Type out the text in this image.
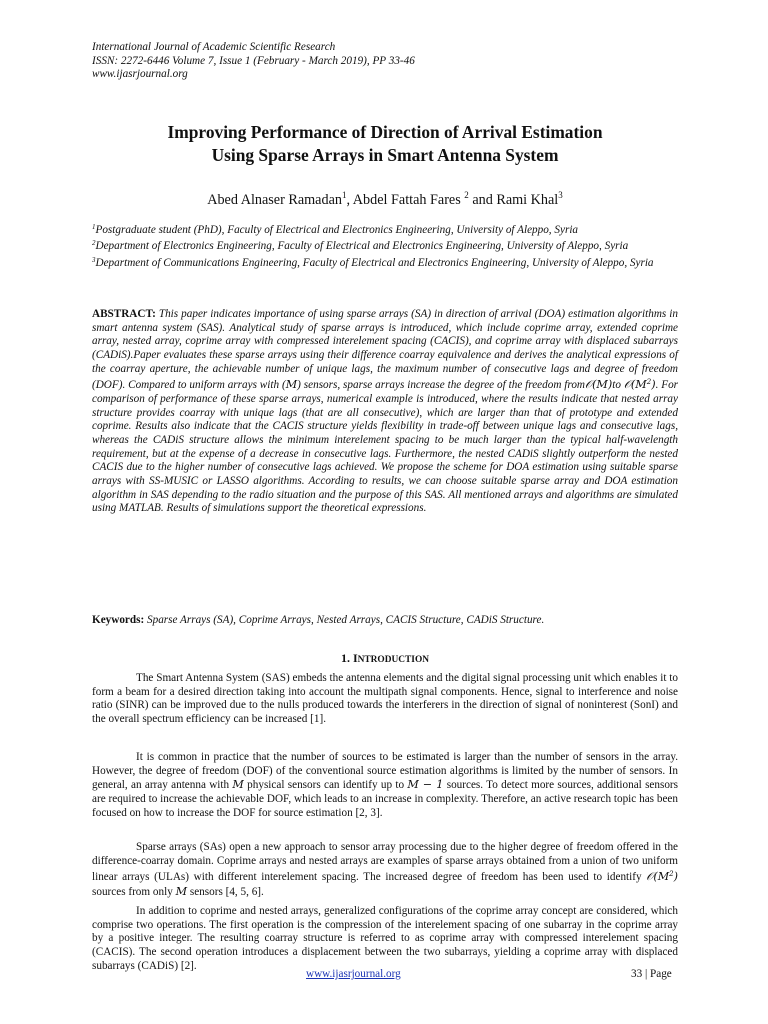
International Journal of Academic Scientific Research

ISSN: 2272-6446 Volume 7, Issue 1 (February - March 2019), PP 33-46

www.ijasrjournal.org

Improving Performance of Direction of Arrival Estimation
Using Sparse Arrays in Smart Antenna System
Abed Alnaser Ramadan$^1$, Abdel Fattah Fares $^2$ and Rami Khal$^3$

$^1$Postgraduate student (PhD), Faculty of Electrical and Electronics Engineering, University of Aleppo, Syria

$^2$Department of Electronics Engineering, Faculty of Electrical and Electronics Engineering, University of Aleppo, Syria

$^3$Department of Communications Engineering, Faculty of Electrical and Electronics Engineering, University of Aleppo, Syria

ABSTRACT: This paper indicates importance of using sparse arrays (SA) in direction of arrival (DOA) estimation algorithms in smart antenna system (SAS). Analytical study of sparse arrays is introduced, which include coprime array, extended coprime array, nested array, coprime array with compressed interelement spacing (CACIS), and coprime array with displaced subarrays (CADiS).Paper evaluates these sparse arrays using their difference coarray equivalence and derives the analytical expressions of the coarray aperture, the achievable number of unique lags, the maximum number of consecutive lags and degree of freedom (DOF). Compared to uniform arrays with (M) sensors, sparse arrays increase the degree of the freedom from𝒪(M)to $𝒪(M^2)$. For comparison of performance of these sparse arrays, numerical example is introduced, where the results indicate that nested array structure provides coarray with unique lags (that are all consecutive), which are larger than that of prototype and extended coprime. Results also indicate that the CACIS structure yields flexibility in trade-off between unique lags and consecutive lags, whereas the CADiS structure allows the minimum interelement spacing to be much larger than the typical half-wavelength requirement, but at the expense of a decrease in consecutive lags. Furthermore, the nested CADiS slightly outperform the nested CACIS due to the higher number of consecutive lags achieved. We propose the scheme for DOA estimation using suitable sparse arrays with SS-MUSIC or LASSO algorithms. According to results, we can choose suitable sparse array and DOA estimation algorithm in SAS depending to the radio situation and the purpose of this SAS. All mentioned arrays and algorithms are simulated using MATLAB. Results of simulations support the theoretical expressions.

Keywords: Sparse Arrays (SA), Coprime Arrays, Nested Arrays, CACIS Structure, CADiS Structure.

1. INTRODUCTION

The Smart Antenna System (SAS) embeds the antenna elements and the digital signal processing unit which enables it to form a beam for a desired direction taking into account the multipath signal components. Hence, signal to interference and noise ratio (SINR) can be improved due to the nulls produced towards the interferers in the direction of signal of noninterest (SonI) and the overall spectrum efficiency can be increased [1].

It is common in practice that the number of sources to be estimated is larger than the number of sensors in the array. However, the degree of freedom (DOF) of the conventional source estimation algorithms is limited by the number of sensors. In general, an array antenna with M physical sensors can identify up to M − 1 sources. To detect more sources, additional sensors are required to increase the achievable DOF, which leads to an increase in complexity. Therefore, an active research topic has been focused on how to increase the DOF for source estimation [2, 3].

Sparse arrays (SAs) open a new approach to sensor array processing due to the higher degree of freedom offered in the difference-coarray domain. Coprime arrays and nested arrays are examples of sparse arrays obtained from a union of two uniform linear arrays (ULAs) with different interelement spacing. The increased degree of freedom has been used to identify $𝒪(M^2)$ sources from only M sensors [4, 5, 6].

In addition to coprime and nested arrays, generalized configurations of the coprime array concept are considered, which comprise two operations. The first operation is the compression of the interelement spacing of one subarray in the coprime array by a positive integer. The resulting coarray structure is referred to as coprime array with compressed interelement spacing (CACIS). The second operation introduces a displacement between the two subarrays, yielding a coprime array with displaced subarrays (CADiS) [2].

www.ijasrjournal.org	33 | Page
